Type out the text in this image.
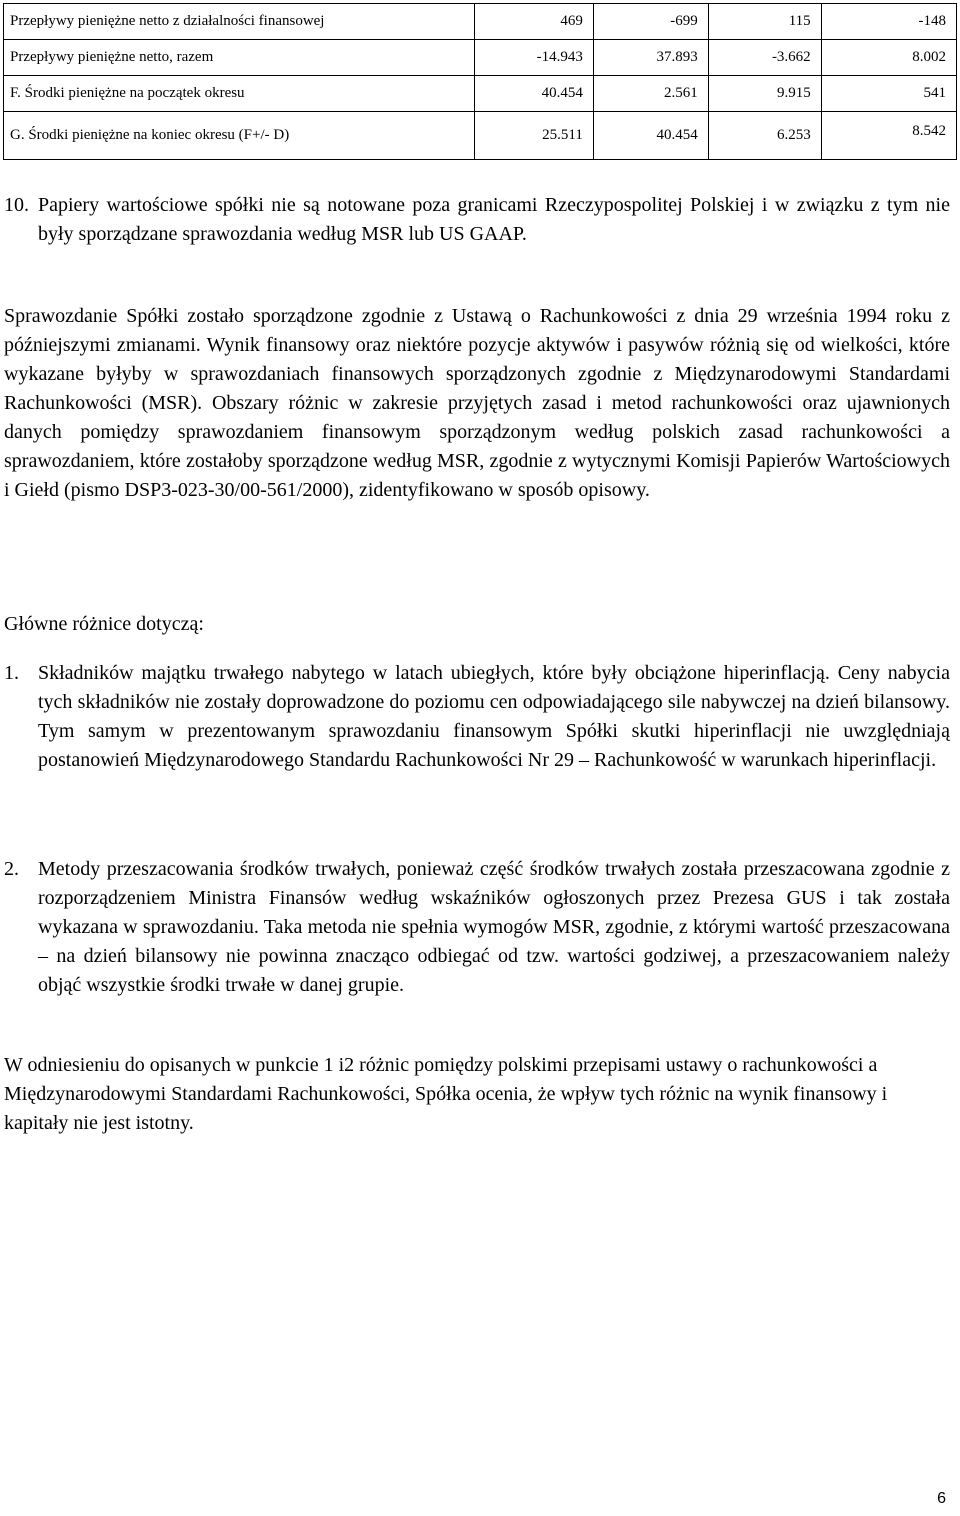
Przepływy pieniężne netto z działalności finansowej	469	-699	115	-148
Przepływy pieniężne netto, razem	-14.943	37.893	-3.662	8.002
F. Środki pieniężne na początek okresu	40.454	2.561	9.915	541
G. Środki pieniężne na koniec okresu (F+/- D)	25.511	40.454	6.253	8.542
10. Papiery wartościowe spółki nie są notowane poza granicami Rzeczypospolitej Polskiej i w związku z tym nie były sporządzane sprawozdania według MSR lub US GAAP.
Sprawozdanie Spółki zostało sporządzone zgodnie z Ustawą o Rachunkowości z dnia 29 września 1994 roku z późniejszymi zmianami. Wynik finansowy oraz niektóre pozycje aktywów i pasywów różnią się od wielkości, które wykazane byłyby w sprawozdaniach finansowych sporządzonych zgodnie z Międzynarodowymi Standardami Rachunkowości (MSR). Obszary różnic w zakresie przyjętych zasad i metod rachunkowości oraz ujawnionych danych pomiędzy sprawozdaniem finansowym sporządzonym według polskich zasad rachunkowości a sprawozdaniem, które zostałoby sporządzone według MSR, zgodnie z wytycznymi Komisji Papierów Wartościowych i Giełd (pismo DSP3-023-30/00-561/2000), zidentyfikowano w sposób opisowy.
Główne różnice dotyczą:
1. Składników majątku trwałego nabytego w latach ubiegłych, które były obciążone hiperinflacją. Ceny nabycia tych składników nie zostały doprowadzone do poziomu cen odpowiadającego sile nabywczej na dzień bilansowy. Tym samym w prezentowanym sprawozdaniu finansowym Spółki skutki hiperinflacji nie uwzględniają postanowień Międzynarodowego Standardu Rachunkowości Nr 29 – Rachunkowość w warunkach hiperinflacji.
2. Metody przeszacowania środków trwałych, ponieważ część środków trwałych została przeszacowana zgodnie z rozporządzeniem Ministra Finansów według wskaźników ogłoszonych przez Prezesa GUS i tak została wykazana w sprawozdaniu. Taka metoda nie spełnia wymogów MSR, zgodnie, z którymi wartość przeszacowana – na dzień bilansowy nie powinna znacząco odbiegać od tzw. wartości godziwej, a przeszacowaniem należy objąć wszystkie środki trwałe w danej grupie.
W odniesieniu do opisanych w punkcie 1 i2 różnic pomiędzy polskimi przepisami ustawy o rachunkowości a Międzynarodowymi Standardami Rachunkowości, Spółka ocenia, że wpływ tych różnic na wynik finansowy i kapitały nie jest istotny.
6
